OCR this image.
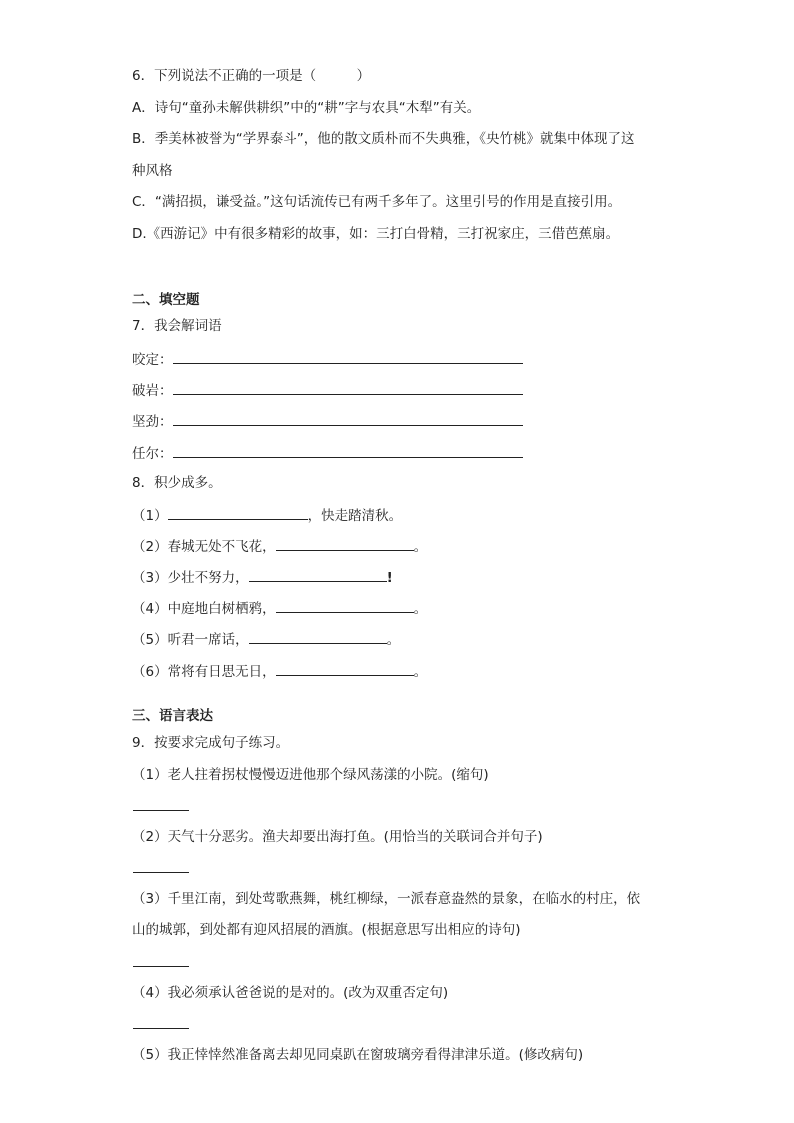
6．下列说法不正确的一项是（　　　）
A．诗句“童孙未解供耕织”中的“耕”字与农具“木犁”有关。
B．季美林被誉为“学界泰斗”，他的散文质朴而不失典雅，《央竹桃》就集中体现了这
种风格
C．“满招损，谦受益。”这句话流传已有两千多年了。这里引号的作用是直接引用。
D.《西游记》中有很多精彩的故事，如：三打白骨精，三打祝家庄，三借芭蕉扇。
二、填空题
7．我会解词语
咬定：
破岩：
坚劲：
任尔：
8．积少成多。
（1）	，快走踏清秋。
（2）春城无处不飞花，	。
（3）少壮不努力，	!
（4）中庭地白树栖鸦，	。
（5）听君一席话，	。
（6）常将有日思无日，	。
三、语言表达
9．按要求完成句子练习。
（1）老人拄着拐杖慢慢迈进他那个绿风荡漾的小院。(缩句)
（2）天气十分恶劣。渔夫却要出海打鱼。(用恰当的关联词合并句子)
（3）千里江南，到处莺歌燕舞，桃红柳绿，一派春意盎然的景象，在临水的村庄，依
山的城郭，到处都有迎风招展的酒旗。(根据意思写出相应的诗句)
（4）我必须承认爸爸说的是对的。(改为双重否定句)
（5）我正悻悻然准备离去却见同桌趴在窗玻璃旁看得津津乐道。(修改病句)
